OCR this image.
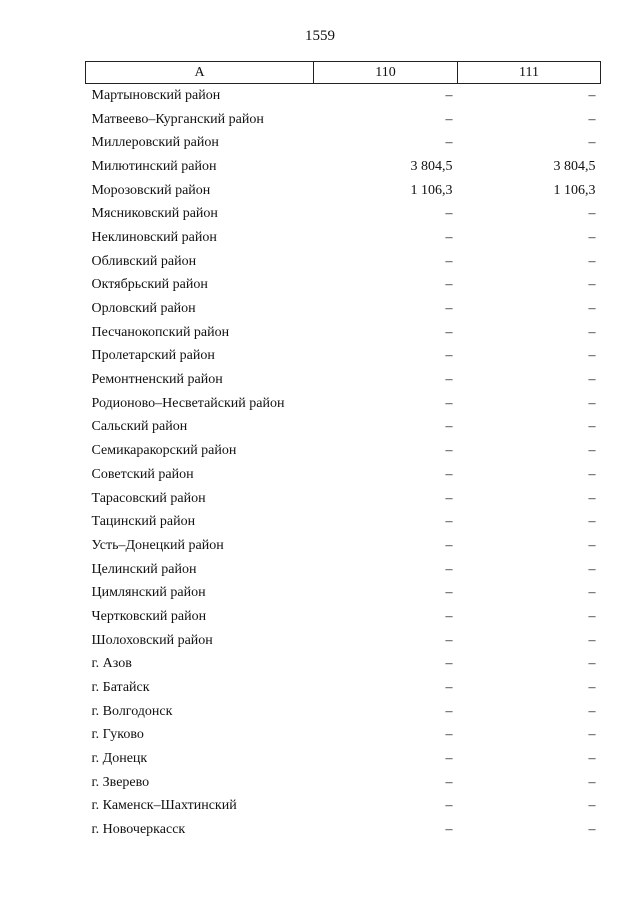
1559
А	110	111
Мартыновский район	–	–
Матвеево–Курганский район	–	–
Миллеровский район	–	–
Милютинский район	3 804,5	3 804,5
Морозовский район	1 106,3	1 106,3
Мясниковский район	–	–
Неклиновский район	–	–
Обливский район	–	–
Октябрьский район	–	–
Орловский район	–	–
Песчанокопский район	–	–
Пролетарский район	–	–
Ремонтненский район	–	–
Родионово–Несветайский район	–	–
Сальский район	–	–
Семикаракорский район	–	–
Советский район	–	–
Тарасовский район	–	–
Тацинский район	–	–
Усть–Донецкий район	–	–
Целинский район	–	–
Цимлянский район	–	–
Чертковский район	–	–
Шолоховский район	–	–
г. Азов	–	–
г. Батайск	–	–
г. Волгодонск	–	–
г. Гуково	–	–
г. Донецк	–	–
г. Зверево	–	–
г. Каменск–Шахтинский	–	–
г. Новочеркасск	–	–
